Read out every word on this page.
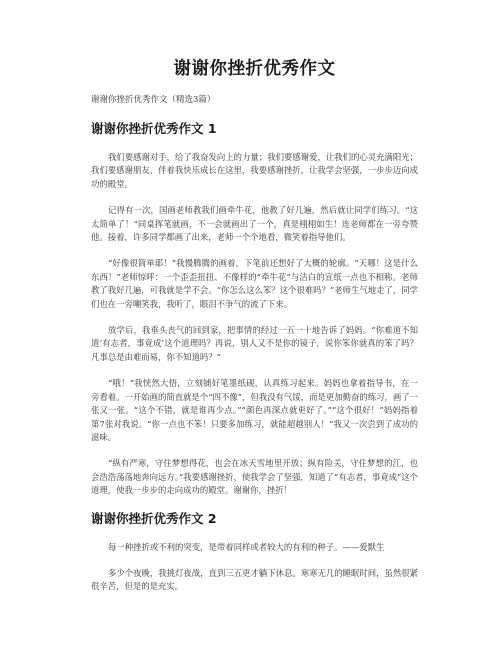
谢谢你挫折优秀作文
谢谢你挫折优秀作文（精选3篇）
谢谢你挫折优秀作文 1

我们要感谢对手，给了我奋发向上的力量；我们要感谢爱，让我们的心灵充满阳光；我们要感谢朋友，伴着我快乐成长在这里，我要感谢挫折，让我学会坚强，一步步迈向成功的殿堂。

记得有一次，国画老师教我们画牵牛花，他教了好几遍，然后就让同学们练习。“这太简单了！”同桌挥笔就画，不一会就画出了一个，真是栩栩如生！连老师都在一旁夸赞他。接着，许多同学都画了出来，老师一个个地看，微笑着指导他们。

“好像很简单耶！”我慢腾腾的画着，下笔前还想好了大概的轮廓。“天哪！这是什么东西！”老师惊呼：一个歪歪扭扭、不像样的“牵牛花”与洁白的宣纸一点也不相称。老师教了我好几遍，可我就是学不会。“你怎么这么笨？这个很难吗？”老师生气地走了，同学们也在一旁嘲笑我，我听了，眼泪不争气的流了下来。

放学后，我垂头丧气的回到家，把事情的经过一五一十地告诉了妈妈。“你难道不知道‘有志者，事竟成’这个道理吗？再说，别人又不是你的镜子，说你笨你就真的笨了吗？凡事总是由难而易，你不知道吗？”

“哦！”我恍然大悟，立刻铺好笔墨纸砚，认真练习起来。妈妈也拿着指导书，在一旁看着。一开始画的简直就是个“四不像”，但我没有气馁，而是更加勤奋的练习，画了一张又一张。“这个不错，就是谁再少点。”“颜色再深点就更好了。”“这个很好！”妈妈指着第7张对我说。“你一点也不笨！只要多加练习，就能超越别人！”我又一次尝到了成功的滋味。

“纵有严寒，守住梦想得花，也会在冰天雪地里开放；纵有险关，守住梦想的江，也会浩浩荡荡地奔向远方。”我要感谢挫折，使我学会了坚强，知道了“有志者，事竟成”这个道理，使我一步步的走向成功的殿堂。谢谢你，挫折！

谢谢你挫折优秀作文 2

每一种挫折或不利的突变，是带着同样或者较大的有利的种子。——爱默生

多少个夜晚，我挑灯夜战，直到三五更才躺下休息。寒寒无几的睡眠时间，虽然很紧很辛苦，但是的是充实。
